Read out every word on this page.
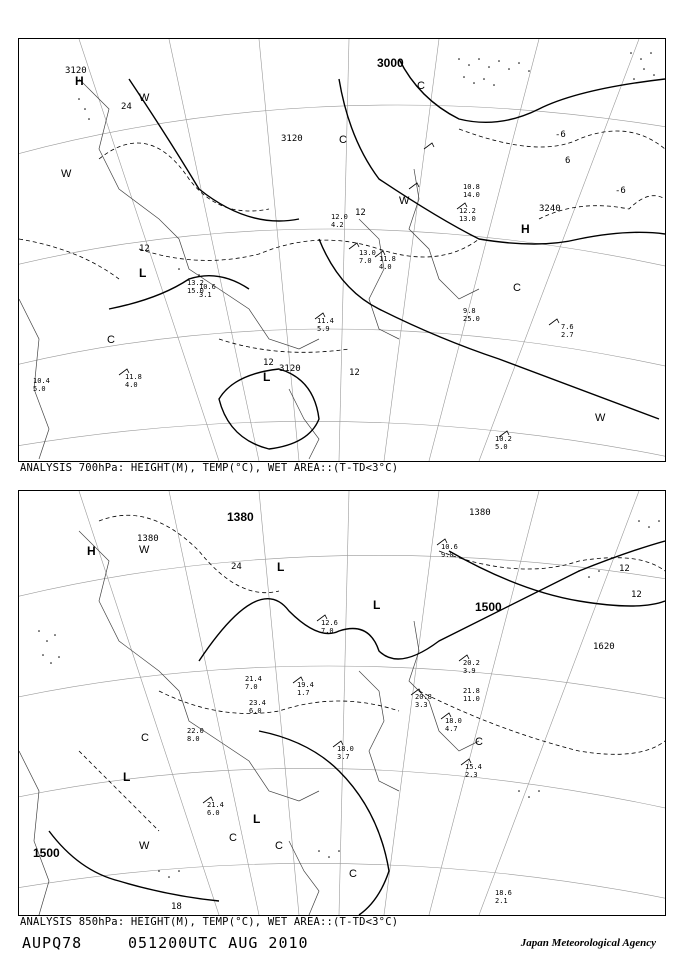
3120
3000
3120
3240
3120
24
12
12
12
12
-6
6
-6
H
L
L
H
C
C
C
W
W
W
W
C
13.0
7.0
12.0
4.2
11.8
4.0
10.6
3.1
9.8
25.0
7.6
2.7
10.2
5.0
10.4
5.0
11.8
4.0
12.2
13.0
10.8
14.0
13.2
15.0
11.4
5.9
ANALYSIS 700hPa: HEIGHT(M), TEMP(°C), WET AREA::(T-TD<3°C)
1380
1380	1380
1500
1620
1500
24	12
12
18
H	W
L
L
L
L
C
C
C
C
C
W
20.2
3.9
21.8
11.0
20.8
3.3
18.0
4.7
15.4
2.3
18.6
2.1
21.4
6.0
18.0
3.7
19.4
1.7
21.4
7.0
10.6
9.0
12.6
7.0
23.4
6.0
22.0
8.0
ANALYSIS 850hPa: HEIGHT(M), TEMP(°C), WET AREA::(T-TD<3°C)
AUPQ78	051200UTC AUG 2010	Japan Meteorological Agency
